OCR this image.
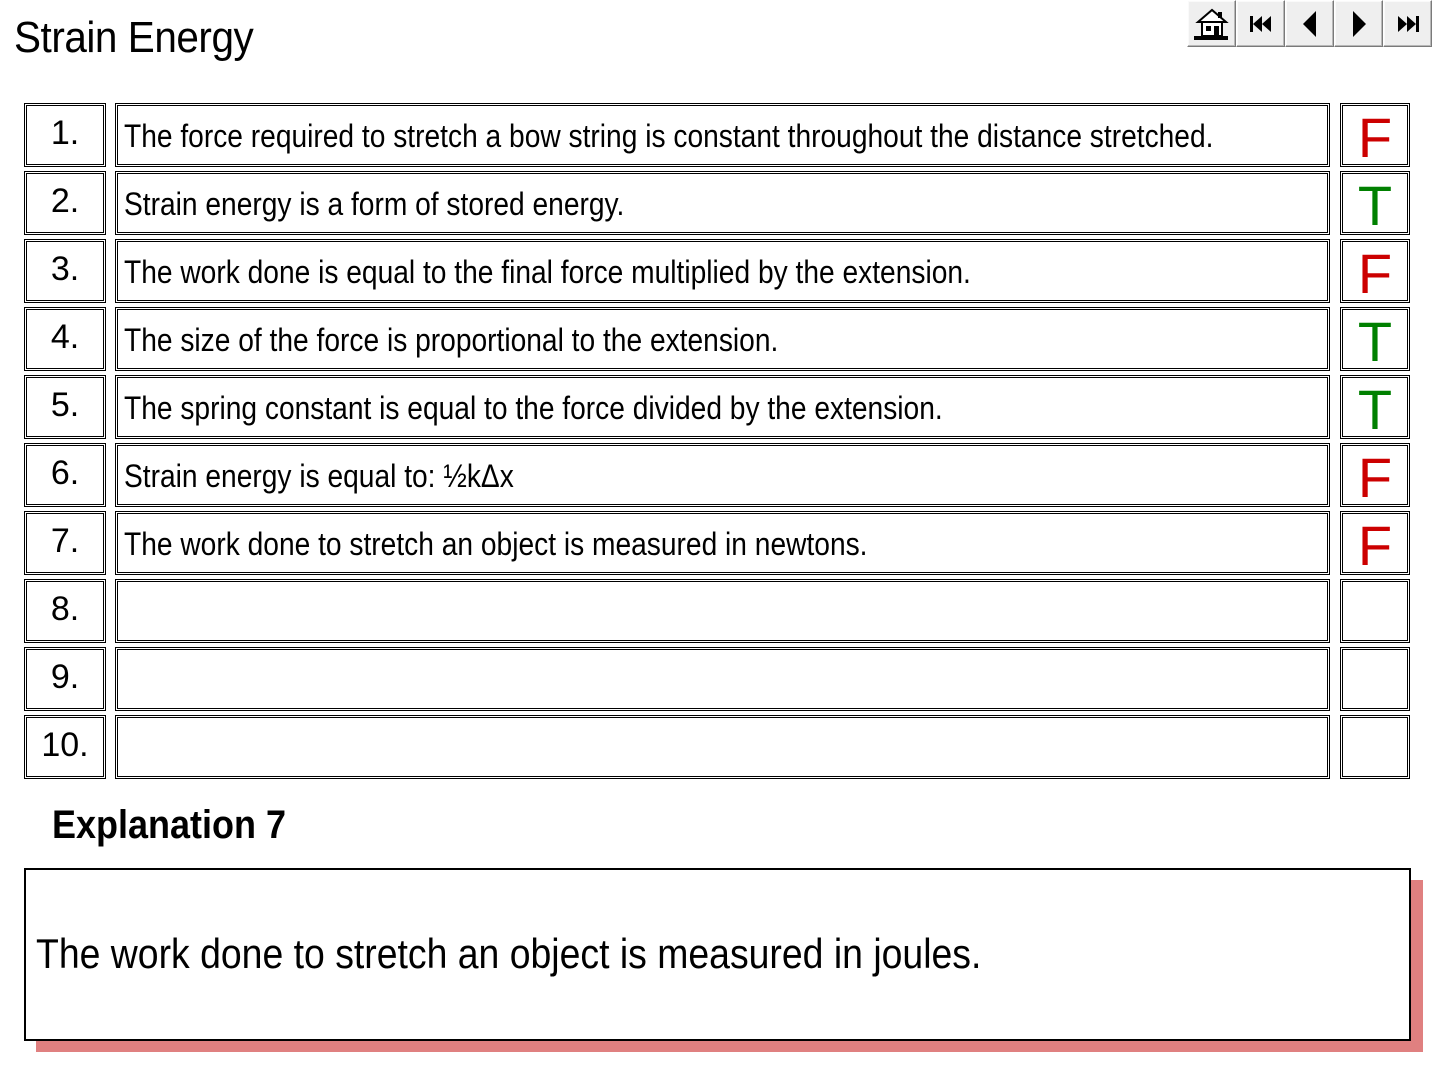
Strain Energy
1.	The force required to stretch a bow string is constant throughout the distance stretched.	F
2.	Strain energy is a form of stored energy.	T
3.	The work done is equal to the final force multiplied by the extension.	F
4.	The size of the force is proportional to the extension.	T
5.	The spring constant is equal to the force divided by the extension.	T
6.	Strain energy is equal to: ½kΔx	F
7.	The work done to stretch an object is measured in newtons.	F
8.
9.
10.
Explanation 7
The work done to stretch an object is measured in joules.
